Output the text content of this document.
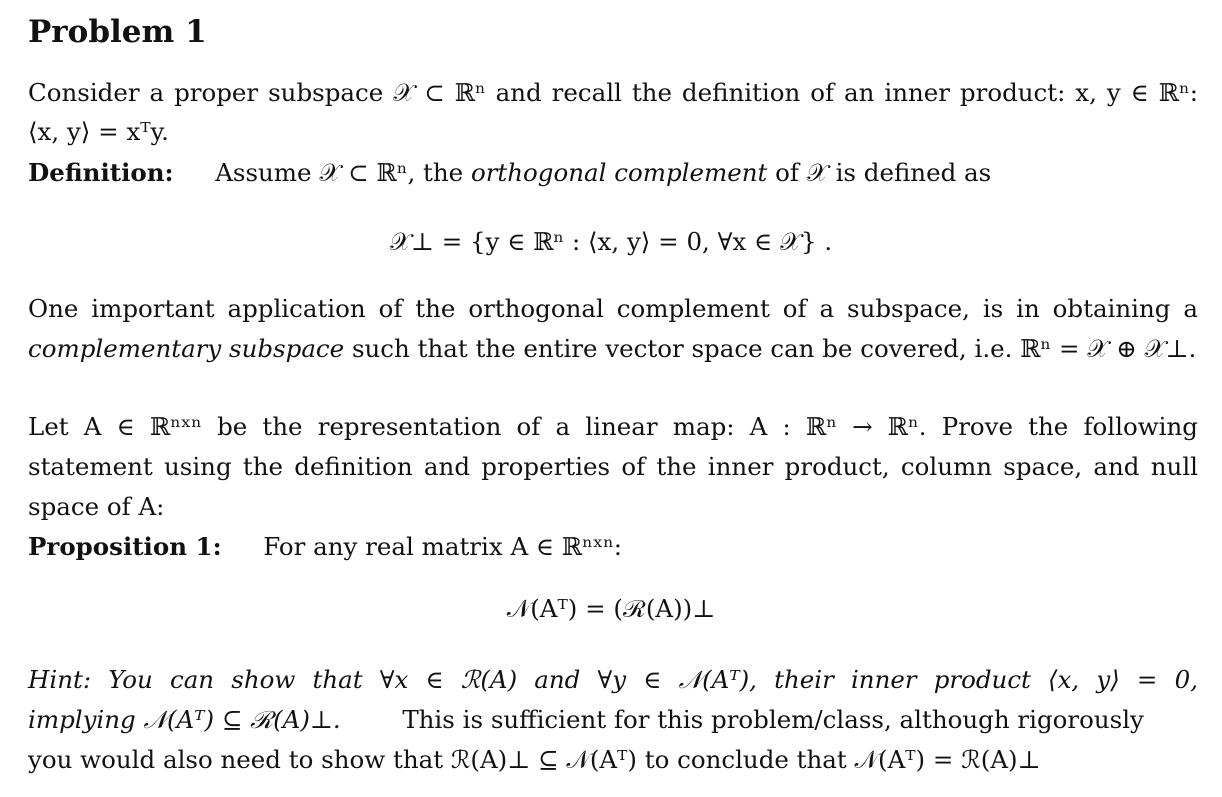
Problem 1
Consider a proper subspace 𝒳 ⊂ ℝⁿ and recall the definition of an inner product: x, y ∈ ℝⁿ:
⟨x, y⟩ = xᵀy.
Definition: Assume 𝒳 ⊂ ℝⁿ, the orthogonal complement of 𝒳 is defined as
𝒳⊥ = {y ∈ ℝⁿ : ⟨x, y⟩ = 0, ∀x ∈ 𝒳} .
One important application of the orthogonal complement of a subspace, is in obtaining a
complementary subspace such that the entire vector space can be covered, i.e. ℝⁿ = 𝒳 ⊕ 𝒳⊥.
Let A ∈ ℝⁿˣⁿ be the representation of a linear map: A : ℝⁿ → ℝⁿ. Prove the following
statement using the definition and properties of the inner product, column space, and null
space of A:
Proposition 1: For any real matrix A ∈ ℝⁿˣⁿ:
𝒩(Aᵀ) = (ℛ(A))⊥
Hint: You can show that ∀x ∈ ℛ(A) and ∀y ∈ 𝒩(Aᵀ), their inner product ⟨x, y⟩ = 0,
implying 𝒩(Aᵀ) ⊆ ℛ(A)⊥.	This is sufficient for this problem/class, although rigorously
you would also need to show that ℛ(A)⊥ ⊆ 𝒩(Aᵀ) to conclude that 𝒩(Aᵀ) = ℛ(A)⊥
